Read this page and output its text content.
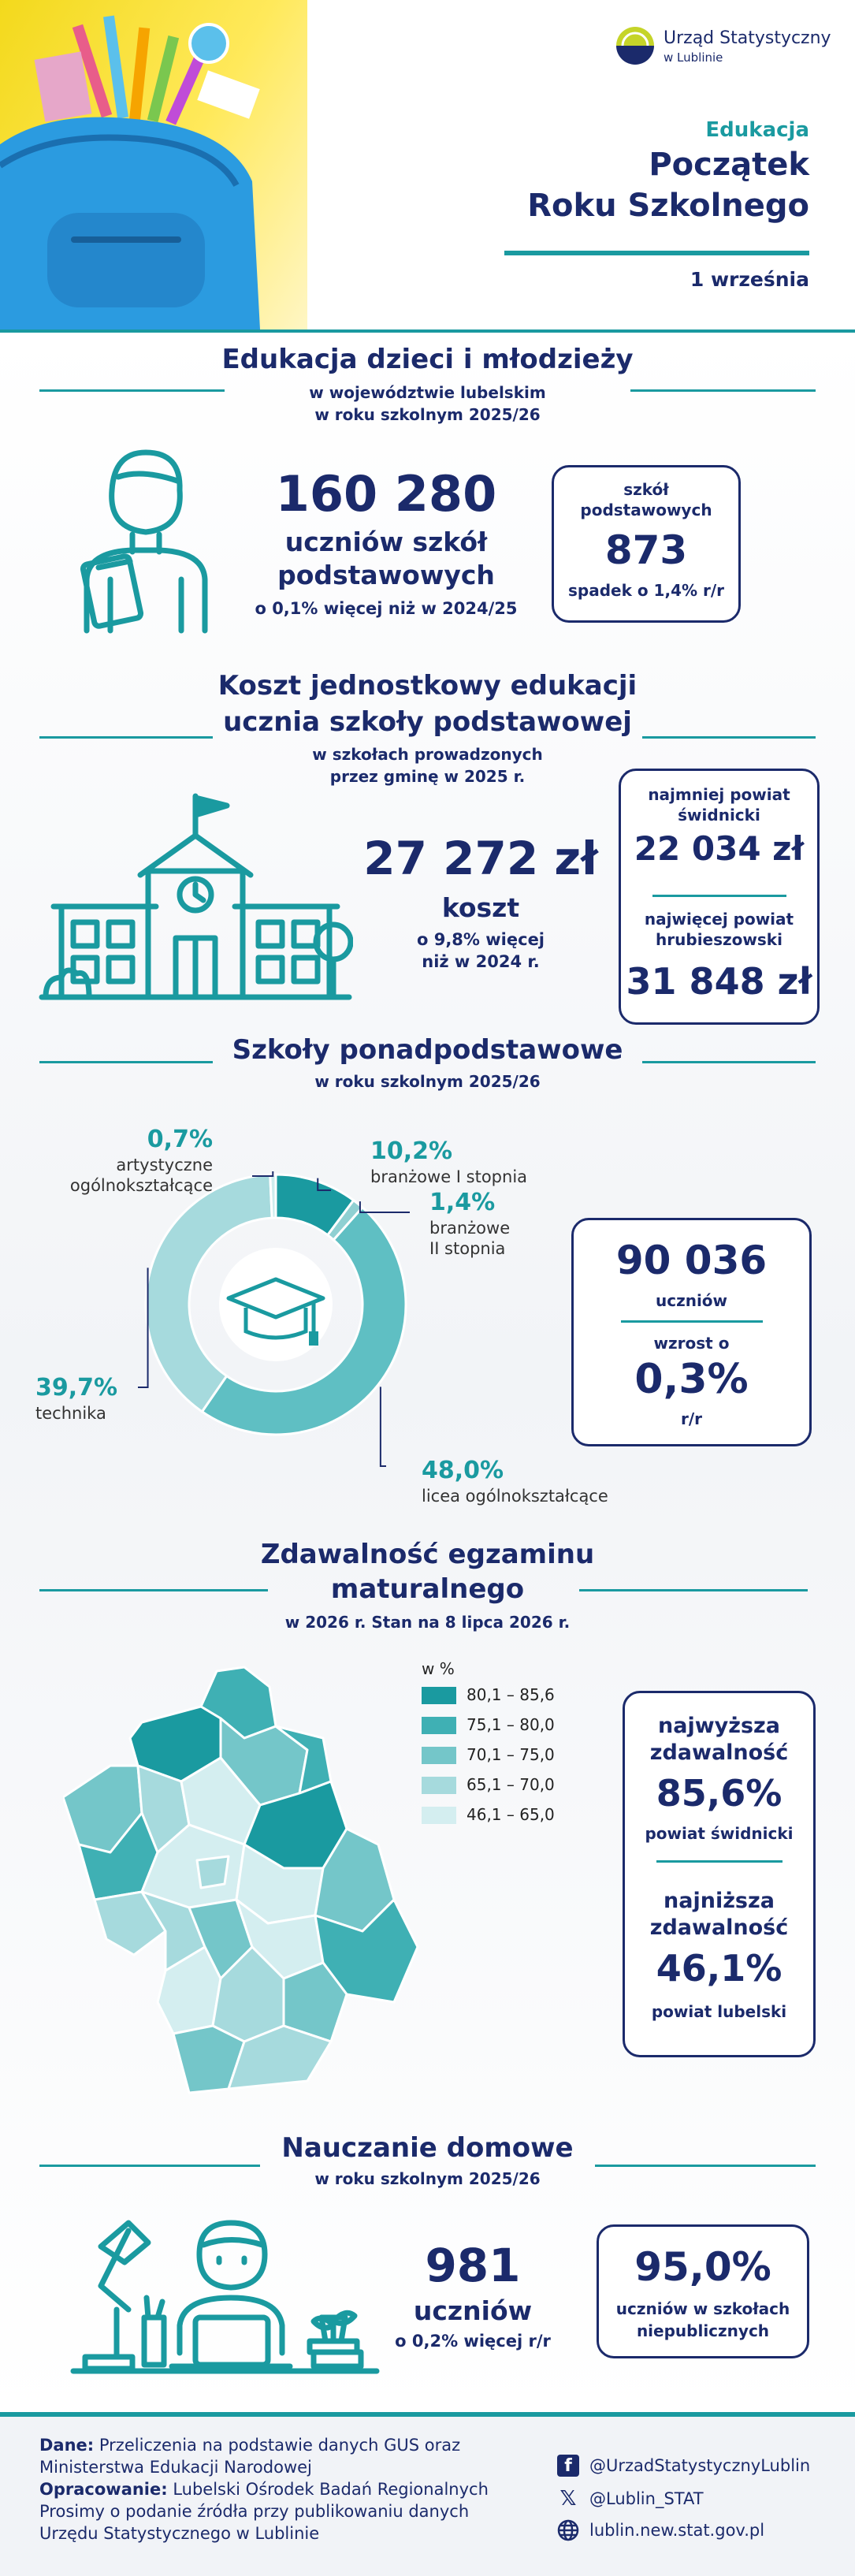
Urząd Statystyczny
w Lublinie
Edukacja
Początek
Roku Szkolnego
1 września
Edukacja dzieci i młodzieży
w województwie lubelskim
w roku szkolnym 2025/26
160 280
uczniów szkół
podstawowych
o 0,1% więcej niż w 2024/25
szkół
podstawowych
873
spadek o 1,4% r/r
Koszt jednostkowy edukacji
ucznia szkoły podstawowej
w szkołach prowadzonych
przez gminę w 2025 r.
27 272 zł
koszt
o 9,8% więcej
niż w 2024 r.
najmniej powiat
świdnicki
22 034 zł
najwięcej powiat
hrubieszowski
31 848 zł
Szkoły ponadpodstawowe
w roku szkolnym 2025/26
10,2%
branżowe I stopnia
1,4%
branżowe
II stopnia
48,0%
licea ogólnokształcące
39,7%
technika
0,7%
artystyczne
ogólnokształcące
90 036
uczniów
wzrost o
0,3%
r/r
Zdawalność egzaminu
maturalnego
w 2026 r. Stan na 8 lipca 2026 r.
w %
80,1 – 85,6
75,1 – 80,0
70,1 – 75,0
65,1 – 70,0
46,1 – 65,0
najwyższa
zdawalność
85,6%
powiat świdnicki
najniższa
zdawalność
46,1%
powiat lubelski
Nauczanie domowe
w roku szkolnym 2025/26
981
uczniów
o 0,2% więcej r/r
95,0%
uczniów w szkołach
niepublicznych
Dane: Przeliczenia na podstawie danych GUS oraz
Ministerstwa Edukacji Narodowej
Opracowanie: Lubelski Ośrodek Badań Regionalnych
Prosimy o podanie źródła przy publikowaniu danych
Urzędu Statystycznego w Lublinie
f	@UrzadStatystycznyLublin
𝕏 @Lublin_STAT
lublin.new.stat.gov.pl
